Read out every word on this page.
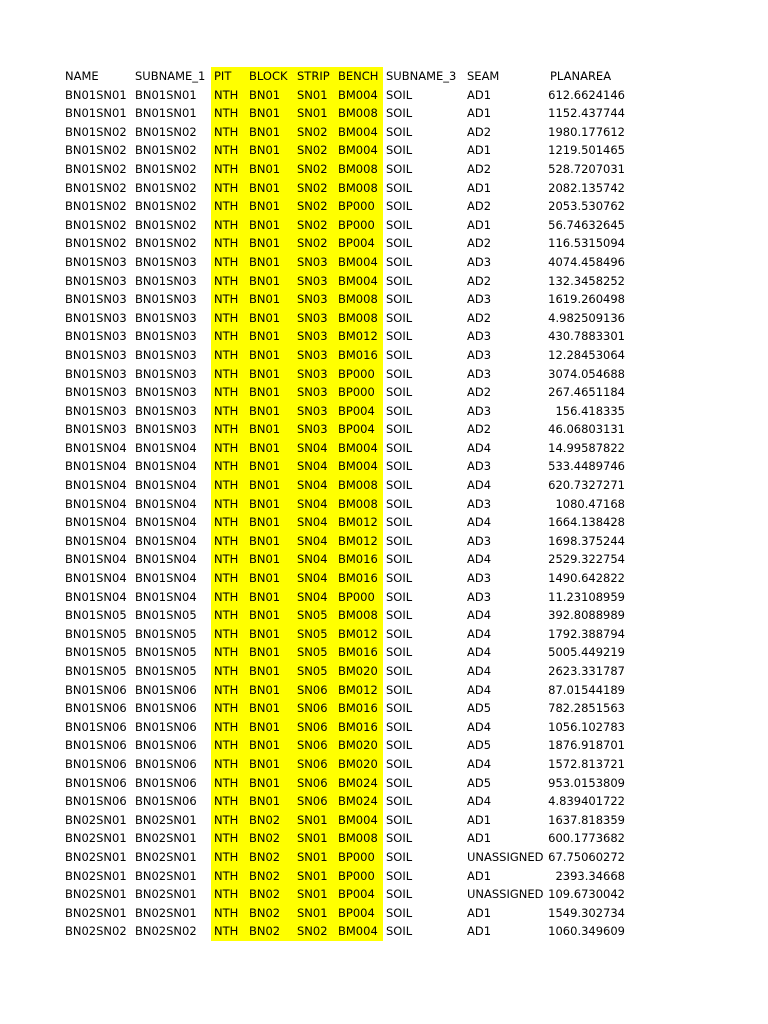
NAME	SUBNAME_1	PIT	BLOCK	STRIP	BENCH	SUBNAME_3	SEAM	PLANAREA
BN01SN01	BN01SN01	NTH	BN01	SN01	BM004	SOIL	AD1	612.6624146
BN01SN01	BN01SN01	NTH	BN01	SN01	BM008	SOIL	AD1	1152.437744
BN01SN02	BN01SN02	NTH	BN01	SN02	BM004	SOIL	AD2	1980.177612
BN01SN02	BN01SN02	NTH	BN01	SN02	BM004	SOIL	AD1	1219.501465
BN01SN02	BN01SN02	NTH	BN01	SN02	BM008	SOIL	AD2	528.7207031
BN01SN02	BN01SN02	NTH	BN01	SN02	BM008	SOIL	AD1	2082.135742
BN01SN02	BN01SN02	NTH	BN01	SN02	BP000	SOIL	AD2	2053.530762
BN01SN02	BN01SN02	NTH	BN01	SN02	BP000	SOIL	AD1	56.74632645
BN01SN02	BN01SN02	NTH	BN01	SN02	BP004	SOIL	AD2	116.5315094
BN01SN03	BN01SN03	NTH	BN01	SN03	BM004	SOIL	AD3	4074.458496
BN01SN03	BN01SN03	NTH	BN01	SN03	BM004	SOIL	AD2	132.3458252
BN01SN03	BN01SN03	NTH	BN01	SN03	BM008	SOIL	AD3	1619.260498
BN01SN03	BN01SN03	NTH	BN01	SN03	BM008	SOIL	AD2	4.982509136
BN01SN03	BN01SN03	NTH	BN01	SN03	BM012	SOIL	AD3	430.7883301
BN01SN03	BN01SN03	NTH	BN01	SN03	BM016	SOIL	AD3	12.28453064
BN01SN03	BN01SN03	NTH	BN01	SN03	BP000	SOIL	AD3	3074.054688
BN01SN03	BN01SN03	NTH	BN01	SN03	BP000	SOIL	AD2	267.4651184
BN01SN03	BN01SN03	NTH	BN01	SN03	BP004	SOIL	AD3	156.418335
BN01SN03	BN01SN03	NTH	BN01	SN03	BP004	SOIL	AD2	46.06803131
BN01SN04	BN01SN04	NTH	BN01	SN04	BM004	SOIL	AD4	14.99587822
BN01SN04	BN01SN04	NTH	BN01	SN04	BM004	SOIL	AD3	533.4489746
BN01SN04	BN01SN04	NTH	BN01	SN04	BM008	SOIL	AD4	620.7327271
BN01SN04	BN01SN04	NTH	BN01	SN04	BM008	SOIL	AD3	1080.47168
BN01SN04	BN01SN04	NTH	BN01	SN04	BM012	SOIL	AD4	1664.138428
BN01SN04	BN01SN04	NTH	BN01	SN04	BM012	SOIL	AD3	1698.375244
BN01SN04	BN01SN04	NTH	BN01	SN04	BM016	SOIL	AD4	2529.322754
BN01SN04	BN01SN04	NTH	BN01	SN04	BM016	SOIL	AD3	1490.642822
BN01SN04	BN01SN04	NTH	BN01	SN04	BP000	SOIL	AD3	11.23108959
BN01SN05	BN01SN05	NTH	BN01	SN05	BM008	SOIL	AD4	392.8088989
BN01SN05	BN01SN05	NTH	BN01	SN05	BM012	SOIL	AD4	1792.388794
BN01SN05	BN01SN05	NTH	BN01	SN05	BM016	SOIL	AD4	5005.449219
BN01SN05	BN01SN05	NTH	BN01	SN05	BM020	SOIL	AD4	2623.331787
BN01SN06	BN01SN06	NTH	BN01	SN06	BM012	SOIL	AD4	87.01544189
BN01SN06	BN01SN06	NTH	BN01	SN06	BM016	SOIL	AD5	782.2851563
BN01SN06	BN01SN06	NTH	BN01	SN06	BM016	SOIL	AD4	1056.102783
BN01SN06	BN01SN06	NTH	BN01	SN06	BM020	SOIL	AD5	1876.918701
BN01SN06	BN01SN06	NTH	BN01	SN06	BM020	SOIL	AD4	1572.813721
BN01SN06	BN01SN06	NTH	BN01	SN06	BM024	SOIL	AD5	953.0153809
BN01SN06	BN01SN06	NTH	BN01	SN06	BM024	SOIL	AD4	4.839401722
BN02SN01	BN02SN01	NTH	BN02	SN01	BM004	SOIL	AD1	1637.818359
BN02SN01	BN02SN01	NTH	BN02	SN01	BM008	SOIL	AD1	600.1773682
BN02SN01	BN02SN01	NTH	BN02	SN01	BP000	SOIL	UNASSIGNED	67.75060272
BN02SN01	BN02SN01	NTH	BN02	SN01	BP000	SOIL	AD1	2393.34668
BN02SN01	BN02SN01	NTH	BN02	SN01	BP004	SOIL	UNASSIGNED	109.6730042
BN02SN01	BN02SN01	NTH	BN02	SN01	BP004	SOIL	AD1	1549.302734
BN02SN02	BN02SN02	NTH	BN02	SN02	BM004	SOIL	AD1	1060.349609
